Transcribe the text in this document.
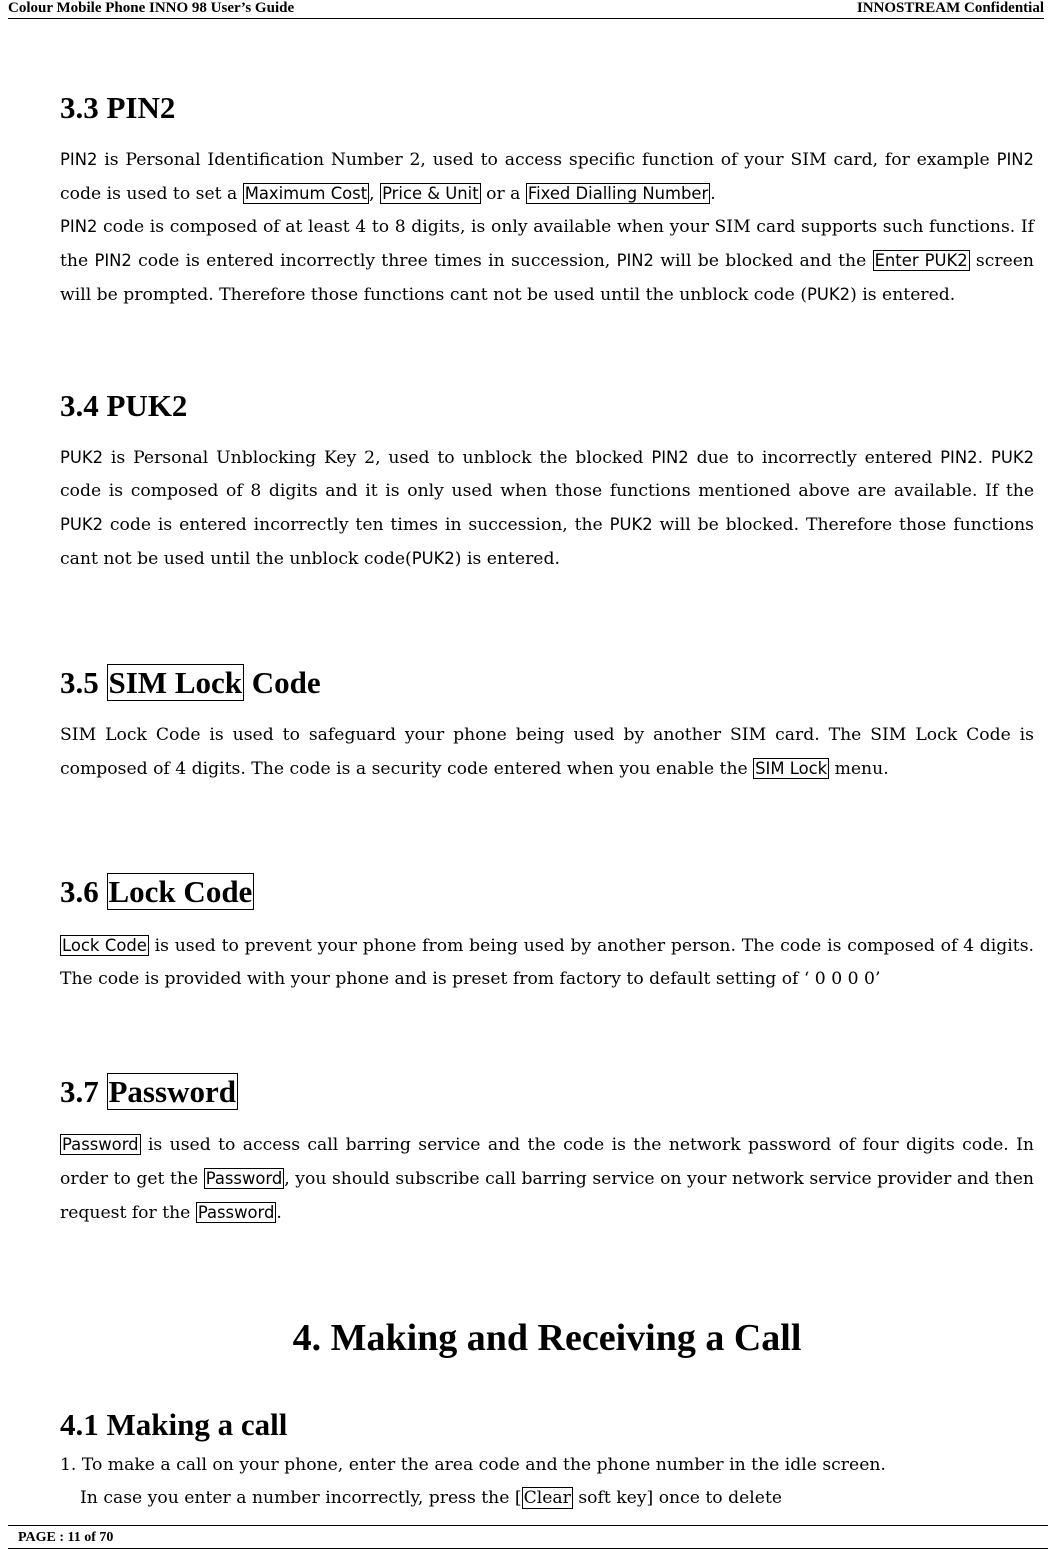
Colour Mobile Phone INNO 98 User’s Guide	INNOSTREAM Confidential
3.3 PIN2
PIN2 is Personal Identification Number 2, used to access specific function of your SIM card, for example PIN2 code is used to set a Maximum Cost , Price & Unit or a Fixed Dialling Number .
PIN2 code is composed of at least 4 to 8 digits, is only available when your SIM card supports such functions. If the PIN2 code is entered incorrectly three times in succession, PIN2 will be blocked and the Enter PUK2 screen will be prompted. Therefore those functions cant not be used until the unblock code (PUK2) is entered.
3.4 PUK2
PUK2 is Personal Unblocking Key 2, used to unblock the blocked PIN2 due to incorrectly entered PIN2. PUK2 code is composed of 8 digits and it is only used when those functions mentioned above are available. If the PUK2 code is entered incorrectly ten times in succession, the PUK2 will be blocked. Therefore those functions cant not be used until the unblock code(PUK2) is entered.
3.5 SIM Lock Code
SIM Lock Code is used to safeguard your phone being used by another SIM card. The SIM Lock Code is composed of 4 digits. The code is a security code entered when you enable the SIM Lock menu.
3.6 Lock Code
Lock Code is used to prevent your phone from being used by another person. The code is composed of 4 digits. The code is provided with your phone and is preset from factory to default setting of ‘ 0 0 0 0’
3.7 Password
Password is used to access call barring service and the code is the network password of four digits code. In order to get the Password , you should subscribe call barring service on your network service provider and then request for the Password .
4. Making and Receiving a Call
4.1 Making a call
1. To make a call on your phone, enter the area code and the phone number in the idle screen.
In case you enter a number incorrectly, press the [ Clear soft key] once to delete
PAGE : 11 of 70
